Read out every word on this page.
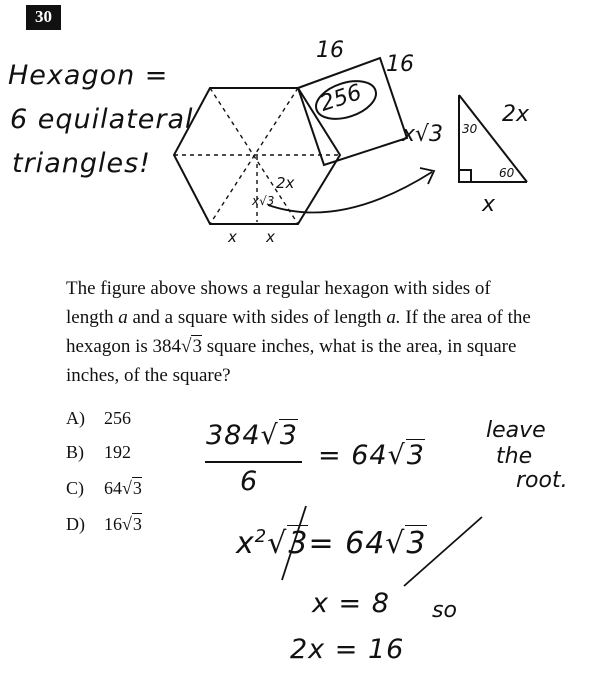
30
Hexagon =
6 equilateral
triangles!
16
16
256
2x
x√3
x x
2x
x√3 30
60
x

The figure above shows a regular hexagon with sides of length a and a square with sides of length a. If the area of the hexagon is 384√3 square inches, what is the area, in square inches, of the square?

A) 256
B) 192
C) 64√3
D) 16√3
384√3
6
= 64√3
leave
the
root.
$x^2√3= 64√3$
x = 8 so
2x = 16
